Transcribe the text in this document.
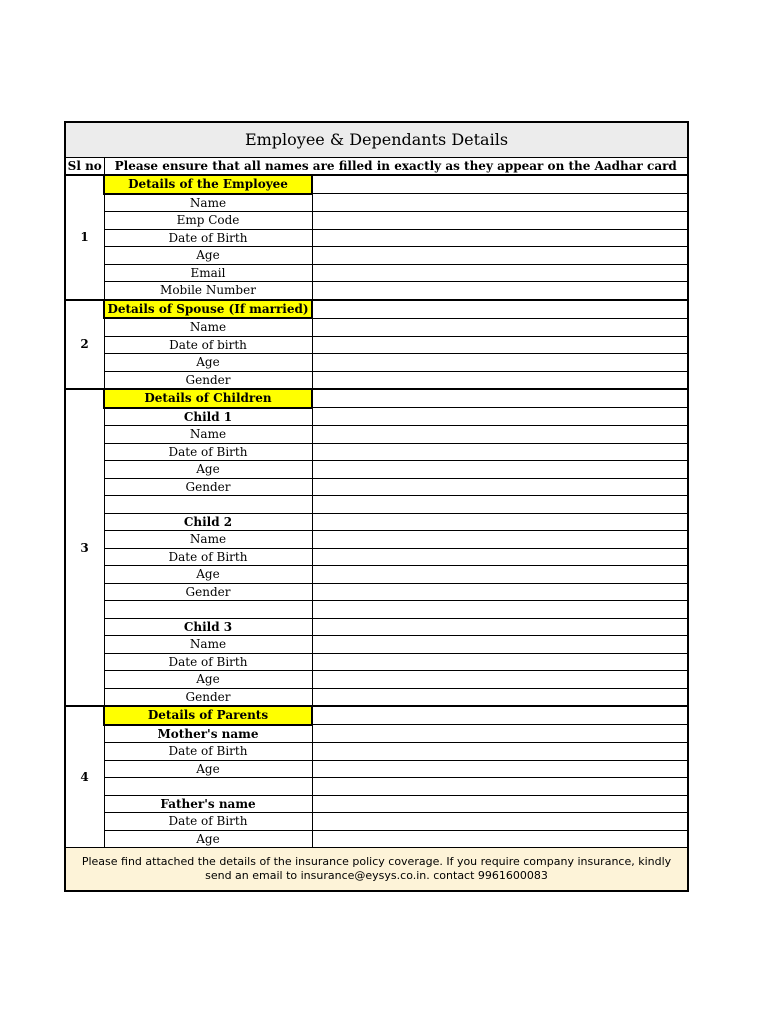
Employee & Dependants Details		
Sl no	Please ensure that all names are filled in exactly as they appear on the Aadhar card	
1	Details of the Employee	
	Name	
	Emp Code	
	Date of Birth	
	Age	
	Email	
	Mobile Number	
2	Details of Spouse (If married)	
	Name	
	Date of birth	
	Age	
	Gender	
3	Details of Children	
	Child 1	
	Name	
	Date of Birth	
	Age	
	Gender	

	Child 2	
	Name	
	Date of Birth	
	Age	
	Gender	

	Child 3	
	Name	
	Date of Birth	
	Age	
	Gender	
4	Details of Parents	
	Mother's name	
	Date of Birth	
	Age	

	Father's name	
	Date of Birth	
	Age	
Please find attached the details of the insurance policy coverage. If you require company insurance, kindly send an email to insurance@eysys.co.in. contact 9961600083		
